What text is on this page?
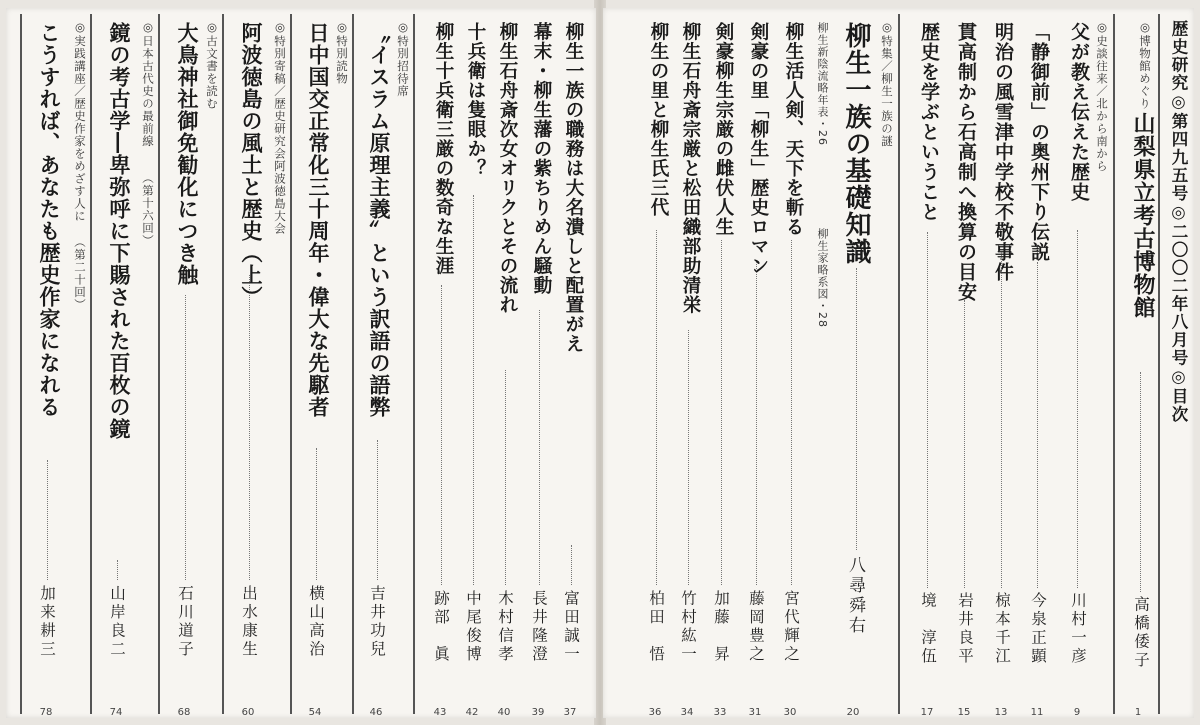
歴史研究◎第四九五号◎二〇〇二年八月号◎目次
◎博物館めぐり
山梨県立考古博物館
高橋倭子
1
◎史談往来／北から南から
父が教え伝えた歴史
川村一彦
9
「静御前」の奥州下り伝説
今泉正顕
11
明治の風雪津中学校不敬事件
椋本千江
13
貫高制から石高制へ換算の目安
岩井良平
15
歴史を学ぶということ
境　淳伍
17
◎特集／柳生一族の謎
柳生一族の基礎知識
八尋舜右
20
柳生新陰流略年表・26
柳生家略系図・28
柳生活人剣、天下を斬る
宮代輝之
30
剣豪の里「柳生」歴史ロマン
藤岡豊之
31
剣豪柳生宗厳の雌伏人生
加藤　昇
33
柳生石舟斎宗厳と松田織部助清栄
竹村紘一
34
柳生の里と柳生氏三代
柏田　悟
36
柳生一族の職務は大名潰しと配置がえ
富田誠一
37
幕末・柳生藩の紫ちりめん騒動
長井隆澄
39
柳生石舟斎次女オリクとその流れ
木村信孝
40
十兵衛は隻眼か？
中尾俊博
42
柳生十兵衛三厳の数奇な生涯
跡部　眞
43
◎特別招待席
〝イスラム原理主義〟という訳語の語弊
吉井功兒
46
◎特別読物
日中国交正常化三十周年・偉大な先駆者
横山高治
54
◎特別寄稿／歴史研究会阿波徳島大会
阿波徳島の風土と歴史（上）
出水康生
60
◎古文書を読む
大鳥神社御免勧化につき触
石川道子
68
◎日本古代史の最前線
（第十六回）
鏡の考古学―卑弥呼に下賜された百枚の鏡
山岸良二
74
◎実践講座／歴史作家をめざす人に
（第二十回）
こうすれば、あなたも歴史作家になれる
加来耕三
78
